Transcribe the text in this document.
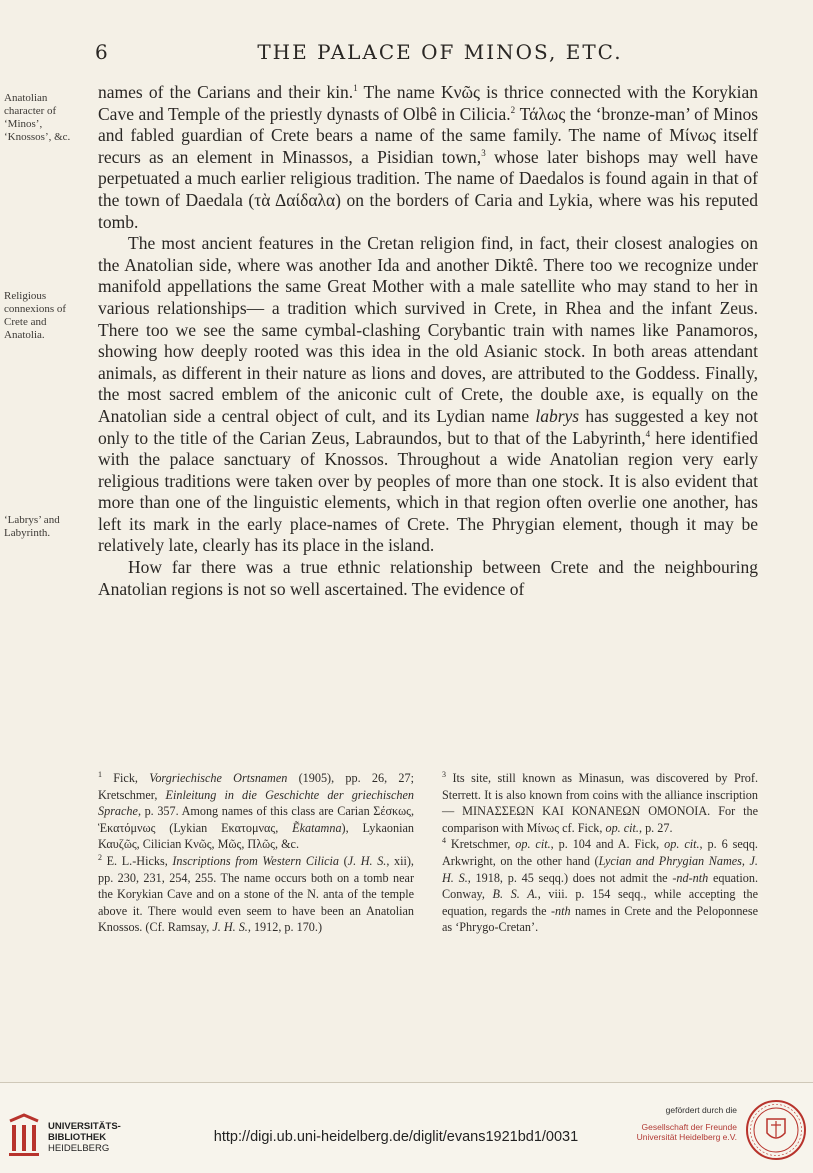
6	THE PALACE OF MINOS, ETC.
Anatolian character of ‘Minos’, ‘Knossos’, &c.
Religious connexions of Crete and Anatolia.
‘Labrys’ and Labyrinth.

names of the Carians and their kin.$^1$ The name Κνῶς is thrice connected with the Korykian Cave and Temple of the priestly dynasts of Olbê in Cilicia.$^2$ Τάλως the ‘bronze-man’ of Minos and fabled guardian of Crete bears a name of the same family. The name of Μίνως itself recurs as an element in Minassos, a Pisidian town,$^3$ whose later bishops may well have perpetuated a much earlier religious tradition. The name of Daedalos is found again in that of the town of Daedala (τὰ Δαίδαλα) on the borders of Caria and Lykia, where was his reputed tomb.

The most ancient features in the Cretan religion find, in fact, their closest analogies on the Anatolian side, where was another Ida and another Diktê. There too we recognize under manifold appellations the same Great Mother with a male satellite who may stand to her in various relationships— a tradition which survived in Crete, in Rhea and the infant Zeus. There too we see the same cymbal-clashing Corybantic train with names like Panamoros, showing how deeply rooted was this idea in the old Asianic stock. In both areas attendant animals, as different in their nature as lions and doves, are attributed to the Goddess. Finally, the most sacred emblem of the aniconic cult of Crete, the double axe, is equally on the Anatolian side a central object of cult, and its Lydian name labrys has suggested a key not only to the title of the Carian Zeus, Labraundos, but to that of the Labyrinth,$^4$ here identified with the palace sanctuary of Knossos. Throughout a wide Anatolian region very early religious traditions were taken over by peoples of more than one stock. It is also evident that more than one of the linguistic elements, which in that region often overlie one another, has left its mark in the early place-names of Crete. The Phrygian element, though it may be relatively late, clearly has its place in the island.

How far there was a true ethnic relationship between Crete and the neighbouring Anatolian regions is not so well ascertained. The evidence of

$^1$ Fick, Vorgriechische Ortsnamen (1905), pp. 26, 27; Kretschmer, Einleitung in die Geschichte der griechischen Sprache, p. 357. Among names of this class are Carian Σέσκως, Ἑκατόμνως (Lykian Εκατομνας, Ẽkatamna), Lykaonian Καυζῶς, Cilician Κνῶς, Μῶς, Πλῶς, &c.

$^2$ E. L.-Hicks, Inscriptions from Western Cilicia (J. H. S., xii), pp. 230, 231, 254, 255. The name occurs both on a tomb near the Korykian Cave and on a stone of the N. anta of the temple above it. There would even seem to have been an Anatolian Knossos. (Cf. Ramsay, J. H. S., 1912, p. 170.)

$^3$ Its site, still known as Minasun, was discovered by Prof. Sterrett. It is also known from coins with the alliance inscription— ΜΙΝΑΣΣΕΩΝ ΚΑΙ ΚΟΝΑΝΕΩΝ ΟΜΟΝΟΙΑ. For the comparison with Μίνως cf. Fick, op. cit., p. 27.

$^4$ Kretschmer, op. cit., p. 104 and A. Fick, op. cit., p. 6 seqq. Arkwright, on the other hand (Lycian and Phrygian Names, J. H. S., 1918, p. 45 seqq.) does not admit the -nd-nth equation. Conway, B. S. A., viii. p. 154 seqq., while accepting the equation, regards the -nth names in Crete and the Peloponnese as ‘Phrygo-Cretan’.

UNIVERSITÄTS-
BIBLIOTHEK
HEIDELBERG
http://digi.ub.uni-heidelberg.de/diglit/evans1921bd1/0031
gefördert durch die
Gesellschaft der Freunde
Universität Heidelberg e.V.
